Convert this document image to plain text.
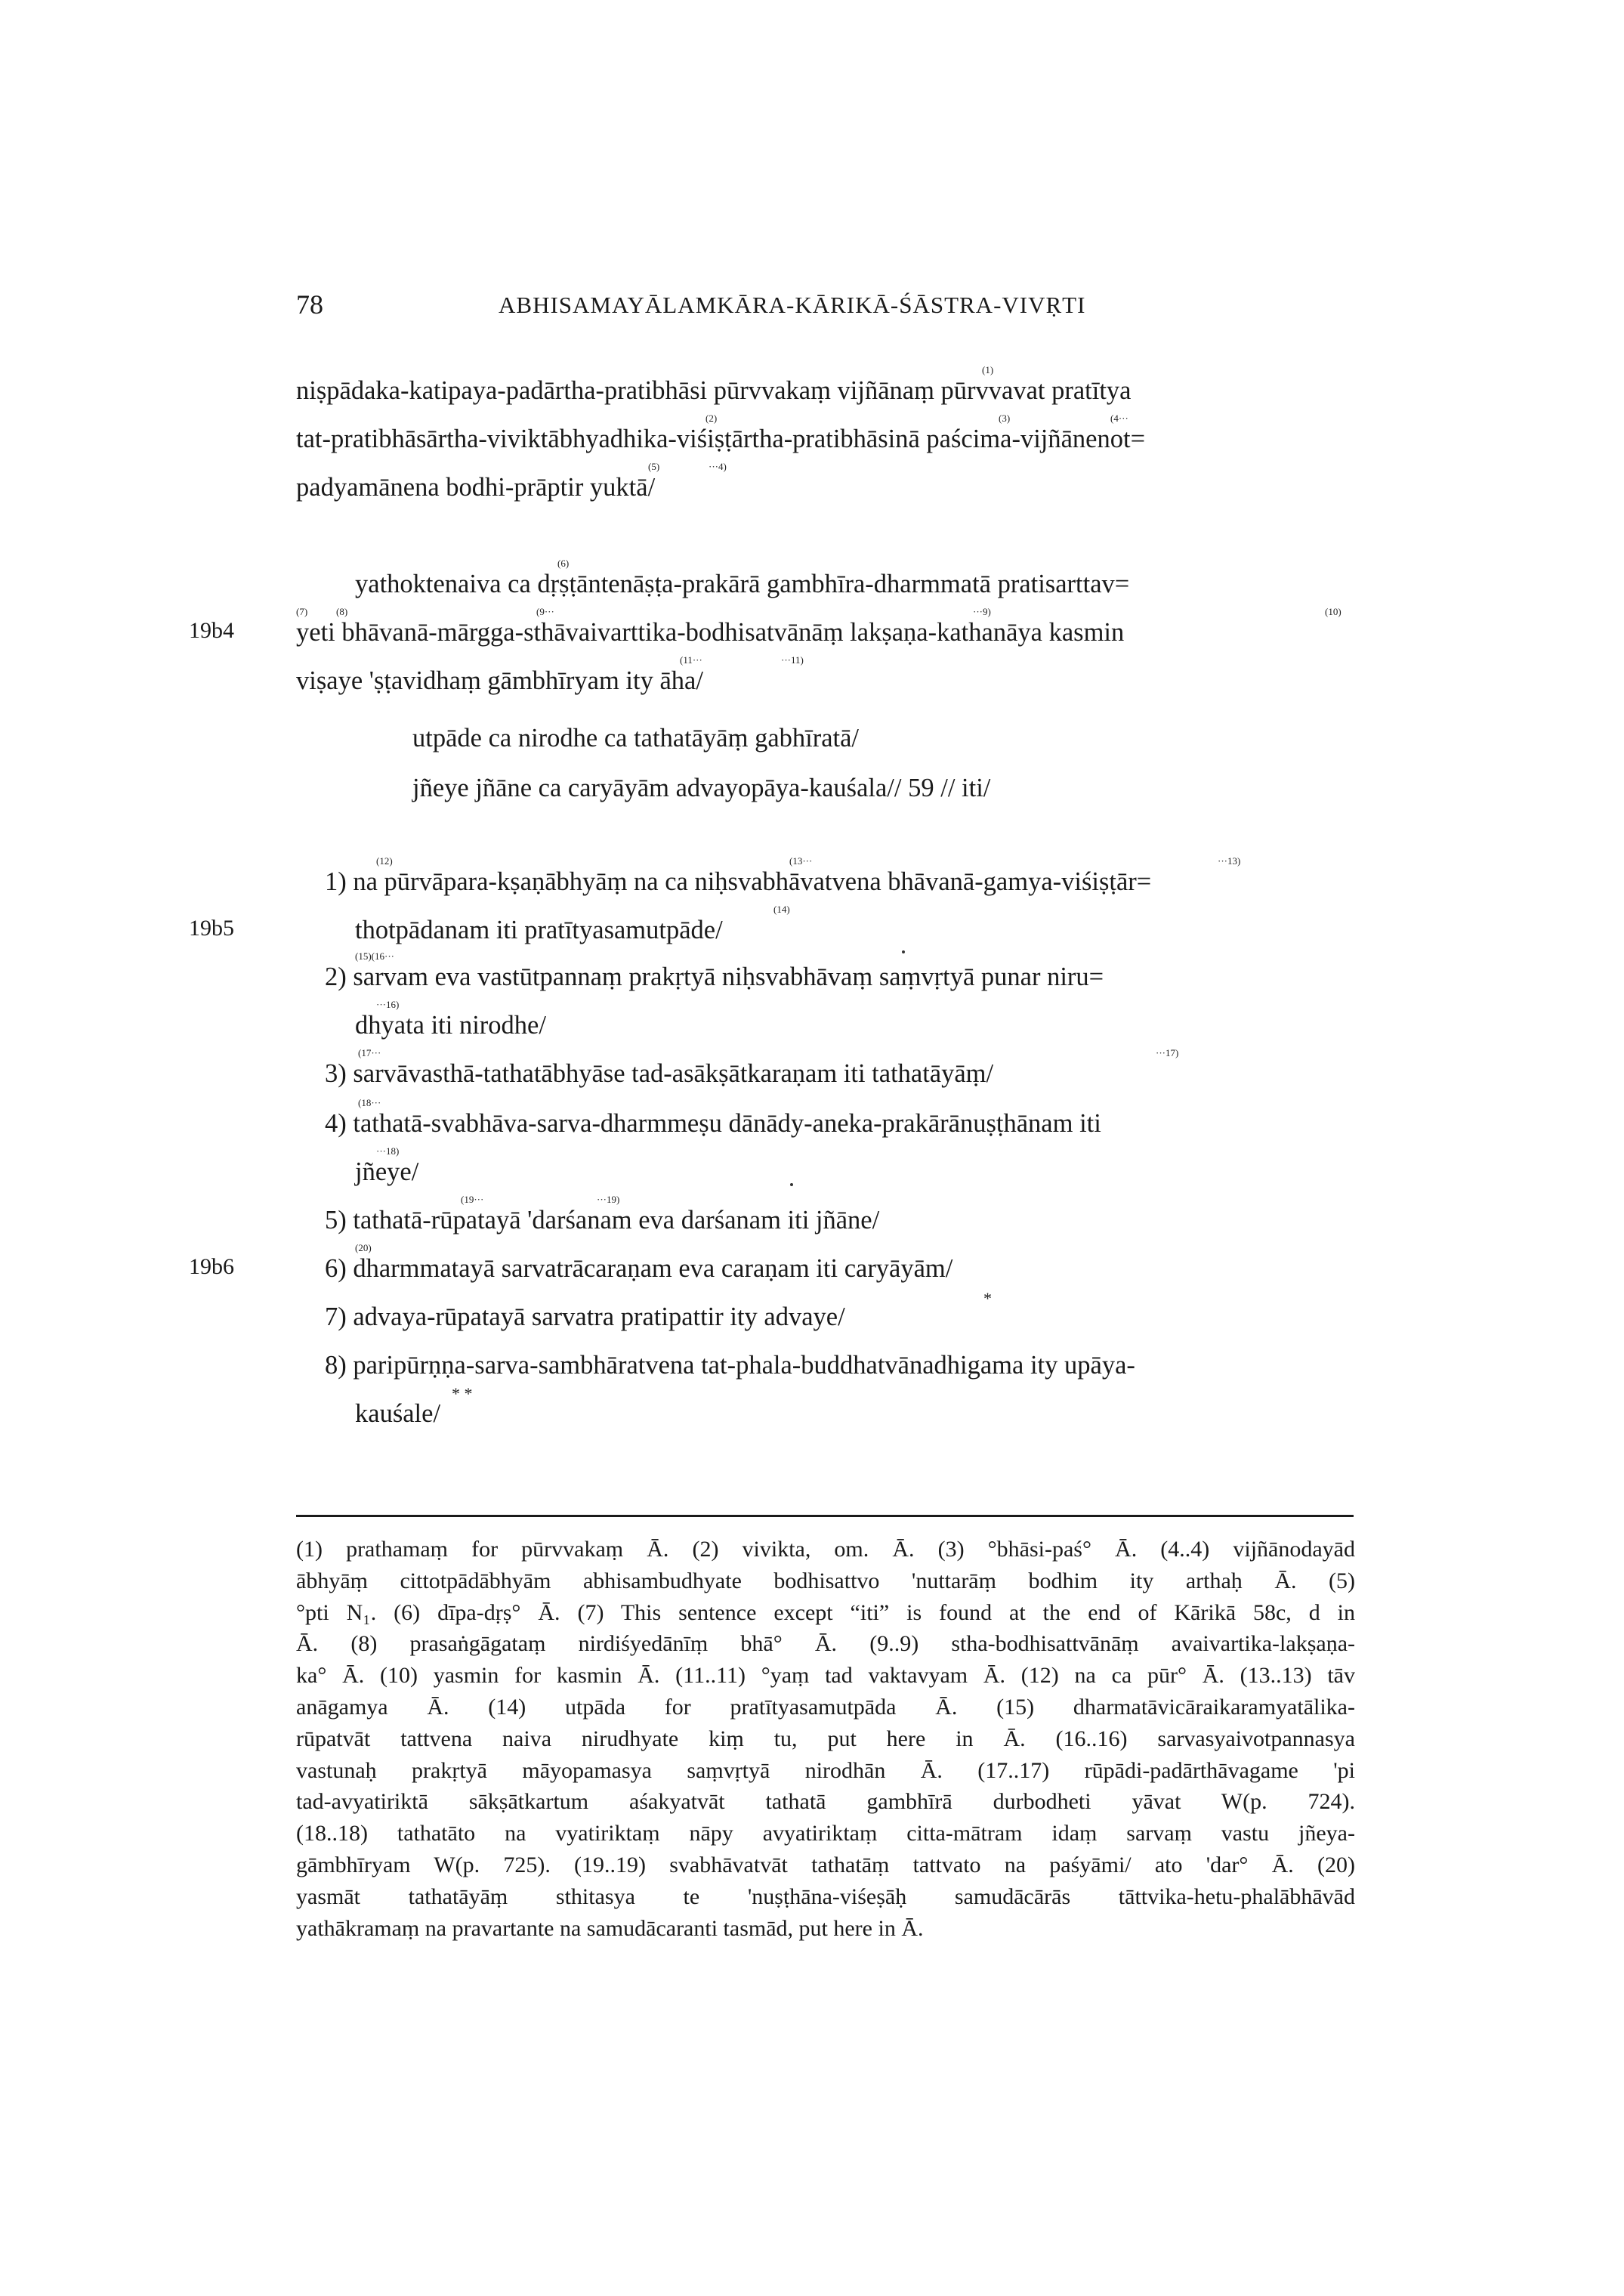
78	ABHISAMAYĀLAMKĀRA-KĀRIKĀ-ŚĀSTRA-VIVṚTI
(1)
niṣpādaka-katipaya-padārtha-pratibhāsi pūrvvakaṃ vijñānaṃ pūrvvavat pratītya
(2)	(3)	(4···
tat-pratibhāsārtha-viviktābhyadhika-viśiṣṭārtha-pratibhāsinā paścima-vijñānenot=
(5)	···4)
padyamānena bodhi-prāptir yuktā/
(6)
yathoktenaiva ca dṛṣṭāntenāṣṭa-prakārā gambhīra-dharmmatā pratisarttav=
(7)	(8)	(9···	···9)	(10)
19b4 yeti bhāvanā-mārgga-sthāvaivarttika-bodhisatvānāṃ lakṣaṇa-kathanāya kasmin
(11···	···11)
viṣaye 'ṣṭavidhaṃ gāmbhīryam ity āha/
utpāde ca nirodhe ca tathatāyāṃ gabhīratā/
jñeye jñāne ca caryāyām advayopāya-kauśala// 59 // iti/
(12)	(13···	···13)
1) na pūrvāpara-kṣaṇābhyāṃ na ca niḥsvabhāvatvena bhāvanā-gamya-viśiṣṭār=
(14)
19b5	thotpādanam iti pratītyasamutpāde/
(15)(16···
2) sarvam eva vastūtpannaṃ prakṛtyā niḥsvabhāvaṃ saṃvṛtyā punar niru=
···16)
dhyata iti nirodhe/
(17···	···17)
3) sarvāvasthā-tathatābhyāse tad-asākṣātkaraṇam iti tathatāyāṃ/
(18···
4) tathatā-svabhāva-sarva-dharmmeṣu dānādy-aneka-prakārānuṣṭhānam iti
···18)
jñeye/
(19···	···19)
5) tathatā-rūpatayā 'darśanam eva darśanam iti jñāne/
(20)
19b6	6) dharmmatayā sarvatrācaraṇam eva caraṇam iti caryāyām/
*
7) advaya-rūpatayā sarvatra pratipattir ity advaye/
8) paripūrṇṇa-sarva-sambhāratvena tat-phala-buddhatvānadhigama ity upāya-
* *
kauśale/
(1) prathamaṃ for pūrvvakaṃ Ā. (2) vivikta, om. Ā. (3) °bhāsi-paś° Ā. (4..4) vijñānodayād
ābhyāṃ cittotpādābhyām abhisambudhyate bodhisattvo 'nuttarāṃ bodhim ity arthaḥ Ā. (5)
°pti N₁. (6) dīpa-dṛṣ° Ā. (7) This sentence except “iti” is found at the end of Kārikā 58c, d in
Ā. (8) prasaṅgāgataṃ nirdiśyedānīṃ bhā° Ā. (9..9) stha-bodhisattvānāṃ avaivartika-lakṣaṇa-
ka° Ā. (10) yasmin for kasmin Ā. (11..11) °yaṃ tad vaktavyam Ā. (12) na ca pūr° Ā. (13..13) tāv
anāgamya Ā. (14) utpāda for pratītyasamutpāda Ā. (15) dharmatāvicāraikaramyatālika-
rūpatvāt tattvena naiva nirudhyate kiṃ tu, put here in Ā. (16..16) sarvasyaivotpannasya
vastunaḥ prakṛtyā māyopamasya saṃvṛtyā nirodhān Ā. (17..17) rūpādi-padārthāvagame 'pi
tad-avyatiriktā sākṣātkartum aśakyatvāt tathatā gambhīrā durbodheti yāvat W(p. 724).
(18..18) tathatāto na vyatiriktaṃ nāpy avyatiriktaṃ citta-mātram idaṃ sarvaṃ vastu jñeya-
gāmbhīryam W(p. 725). (19..19) svabhāvatvāt tathatāṃ tattvato na paśyāmi/ ato 'dar° Ā. (20)
yasmāt tathatāyāṃ sthitasya te 'nuṣṭhāna-viśeṣāḥ samudācārās tāttvika-hetu-phalābhāvād
yathākramaṃ na pravartante na samudācaranti tasmād, put here in Ā.
